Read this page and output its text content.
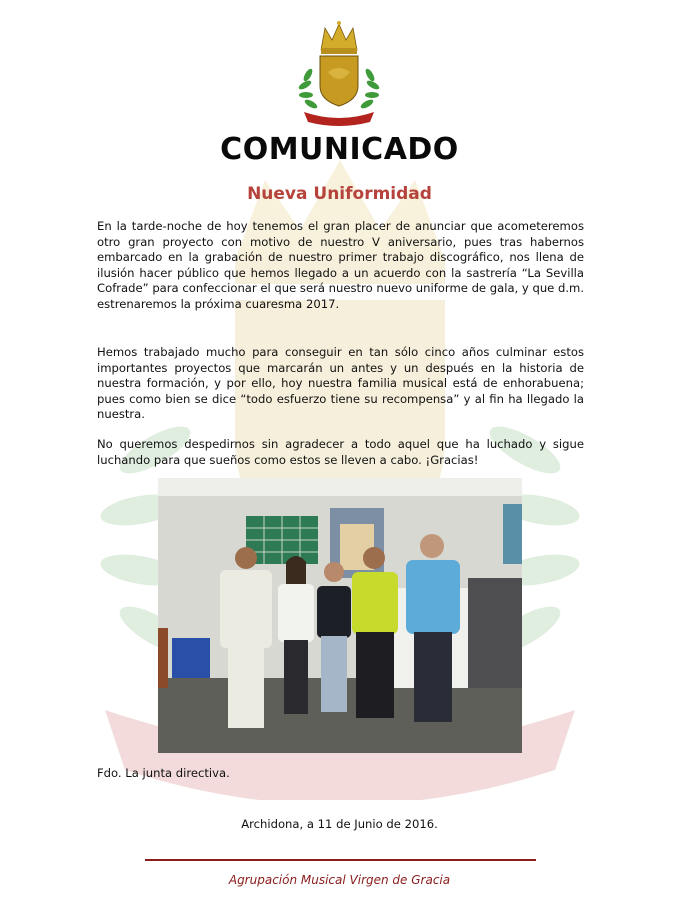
COMUNICADO
Nueva Uniformidad

En la tarde-noche de hoy tenemos el gran placer de anunciar que acometeremos otro gran proyecto con motivo de nuestro V aniversario, pues tras habernos embarcado en la grabación de nuestro primer trabajo discográfico, nos llena de ilusión hacer público que hemos llegado a un acuerdo con la sastrería “La Sevilla Cofrade” para confeccionar el que será nuestro nuevo uniforme de gala, y que d.m. estrenaremos la próxima cuaresma 2017.

Hemos trabajado mucho para conseguir en tan sólo cinco años culminar estos importantes proyectos que marcarán un antes y un después en la historia de nuestra formación, y por ello, hoy nuestra familia musical está de enhorabuena; pues como bien se dice “todo esfuerzo tiene su recompensa” y al fin ha llegado la nuestra.

No queremos despedirnos sin agradecer a todo aquel que ha luchado y sigue luchando para que sueños como estos se lleven a cabo. ¡Gracias!

Fdo. La junta directiva.
Archidona, a 11 de Junio de 2016.
Agrupación Musical Virgen de Gracia
